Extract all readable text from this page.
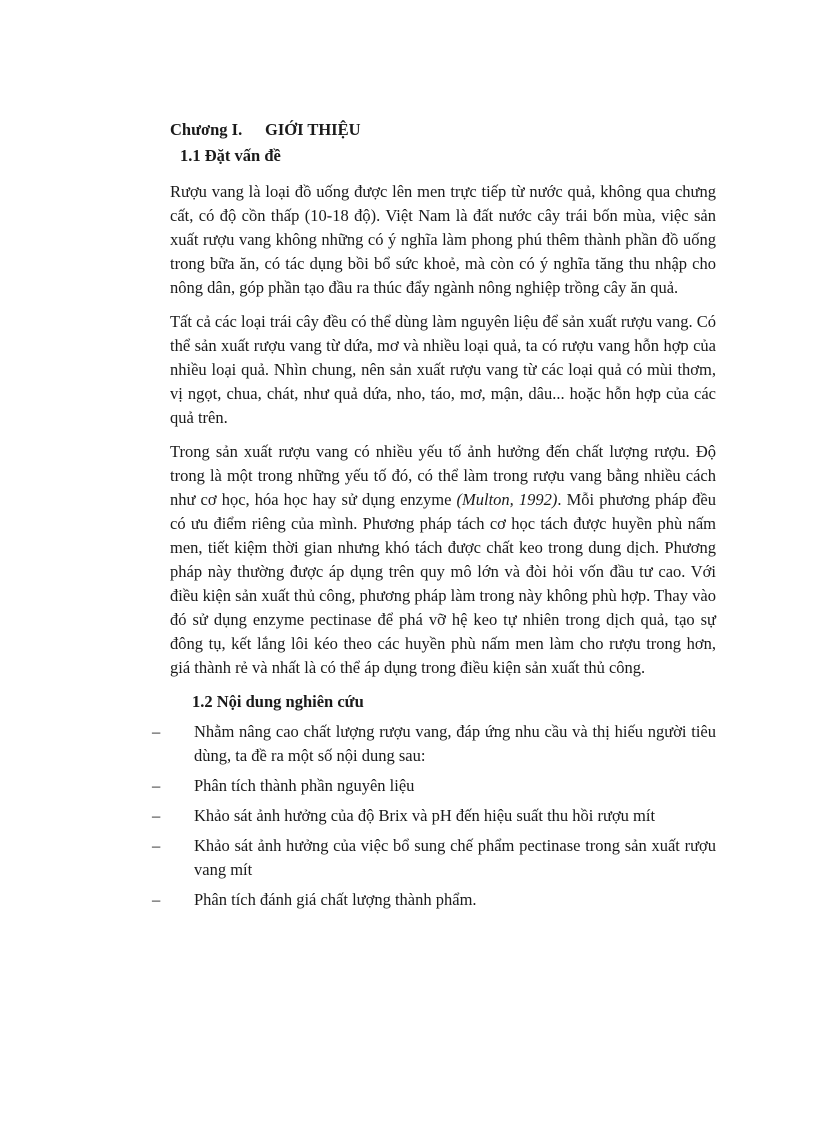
Chương I. GIỚI THIỆU
1.1 Đặt vấn đề

Rượu vang là loại đồ uống được lên men trực tiếp từ nước quả, không qua chưng cất, có độ cồn thấp (10-18 độ). Việt Nam là đất nước cây trái bốn mùa, việc sản xuất rượu vang không những có ý nghĩa làm phong phú thêm thành phần đồ uống trong bữa ăn, có tác dụng bồi bổ sức khoẻ, mà còn có ý nghĩa tăng thu nhập cho nông dân, góp phần tạo đầu ra thúc đẩy ngành nông nghiệp trồng cây ăn quả.

Tất cả các loại trái cây đều có thể dùng làm nguyên liệu để sản xuất rượu vang. Có thể sản xuất rượu vang từ dứa, mơ và nhiều loại quả, ta có rượu vang hỗn hợp của nhiều loại quả. Nhìn chung, nên sản xuất rượu vang từ các loại quả có mùi thơm, vị ngọt, chua, chát, như quả dứa, nho, táo, mơ, mận, dâu... hoặc hỗn hợp của các quả trên.

Trong sản xuất rượu vang có nhiều yếu tố ảnh hưởng đến chất lượng rượu. Độ trong là một trong những yếu tố đó, có thể làm trong rượu vang bằng nhiều cách như cơ học, hóa học hay sử dụng enzyme (Multon, 1992). Mỗi phương pháp đều có ưu điểm riêng của mình. Phương pháp tách cơ học tách được huyền phù nấm men, tiết kiệm thời gian nhưng khó tách được chất keo trong dung dịch. Phương pháp này thường được áp dụng trên quy mô lớn và đòi hỏi vốn đầu tư cao. Với điều kiện sản xuất thủ công, phương pháp làm trong này không phù hợp. Thay vào đó sử dụng enzyme pectinase để phá vỡ hệ keo tự nhiên trong dịch quả, tạo sự đông tụ, kết lắng lôi kéo theo các huyền phù nấm men làm cho rượu trong hơn, giá thành rẻ và nhất là có thể áp dụng trong điều kiện sản xuất thủ công.

1.2 Nội dung nghiên cứu
– Nhằm nâng cao chất lượng rượu vang, đáp ứng nhu cầu và thị hiếu người tiêu dùng, ta đề ra một số nội dung sau:
– Phân tích thành phần nguyên liệu
– Khảo sát ảnh hưởng của độ Brix và pH đến hiệu suất thu hồi rượu mít
– Khảo sát ảnh hưởng của việc bổ sung chế phẩm pectinase trong sản xuất rượu vang mít
– Phân tích đánh giá chất lượng thành phẩm.
